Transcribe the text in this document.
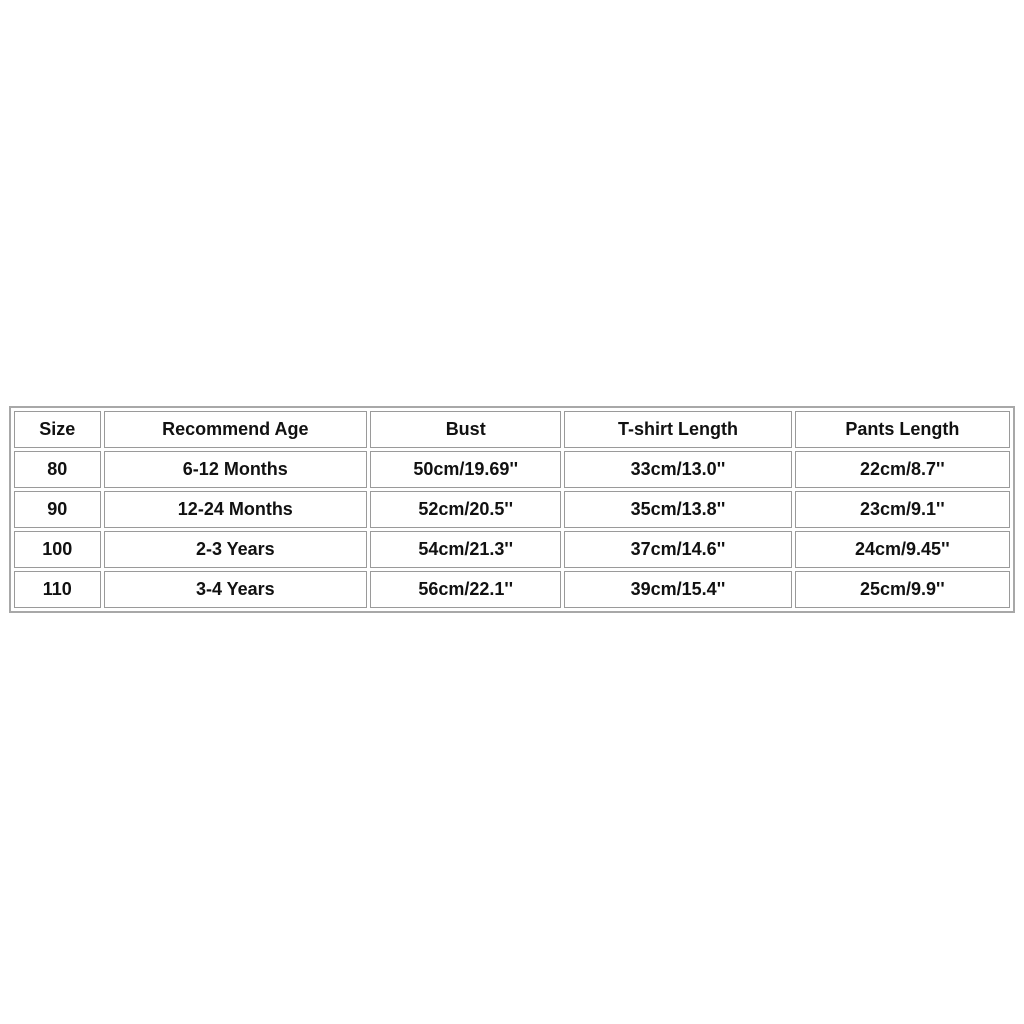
Size	Recommend Age	Bust	T-shirt Length	Pants Length
80	6-12 Months	50cm/19.69''	33cm/13.0''	22cm/8.7''
90	12-24 Months	52cm/20.5''	35cm/13.8''	23cm/9.1''
100	2-3 Years	54cm/21.3''	37cm/14.6''	24cm/9.45''
110	3-4 Years	56cm/22.1''	39cm/15.4''	25cm/9.9''
